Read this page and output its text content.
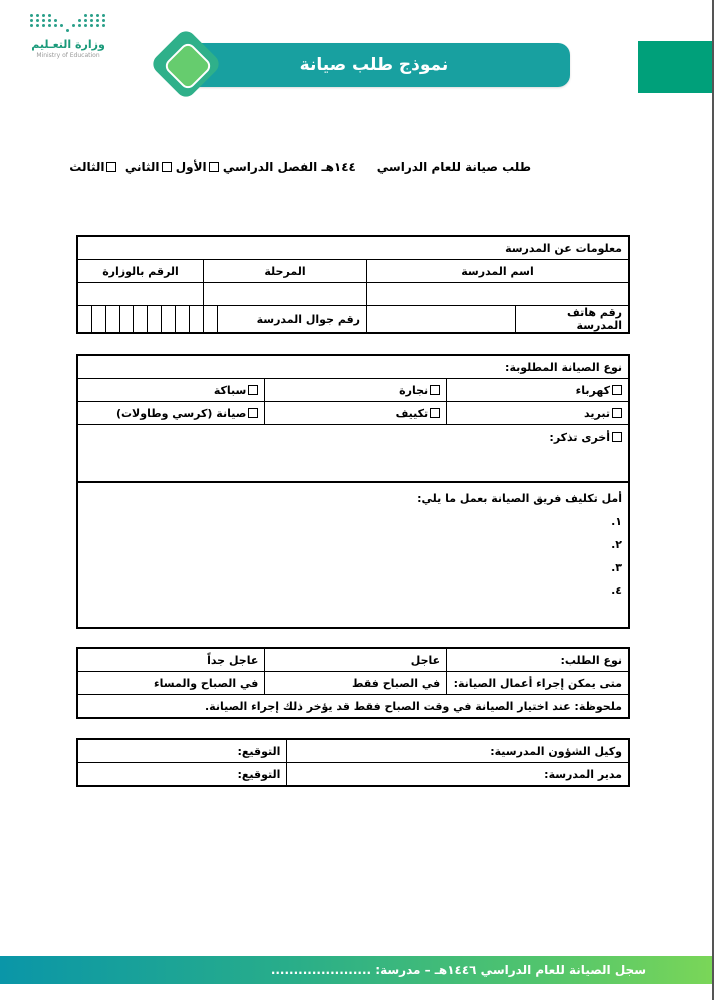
وزارة التعـليم
Ministry of Education	نموذج طلب صيانة
طلب صيانة للعام الدراسي     ١٤٤هـ الفصل الدراسي الأول الثاني  الثالث
معلومات عن المدرسة												
اسم المدرسة		المرحلة		الرقم بالوزارة								

رقم هاتف المدرسة		رقم جوال المدرسة										
نوع الصيانة المطلوبة:		
كهرباء	نجارة	سباكة
تبريد	تكييف	صيانة (كرسي وطاولات)
أخرى تذكر:		

أمل تكليف فريق الصيانة بعمل ما يلي:
١.
٢.
٣.
٤.		
نوع الطلب:	عاجل	عاجل جداً
متى يمكن إجراء أعمال الصيانة:	في الصباح فقط	في الصباح والمساء
ملحوظة: عند اختيار الصيانة في وقت الصباح فقط قد يؤخر ذلك إجراء الصيانة.		
وكيل الشؤون المدرسية:	التوقيع:
مدير المدرسة:	التوقيع:
سجل الصيانة للعام الدراسي ١٤٤٦هـ – مدرسة: ......................
